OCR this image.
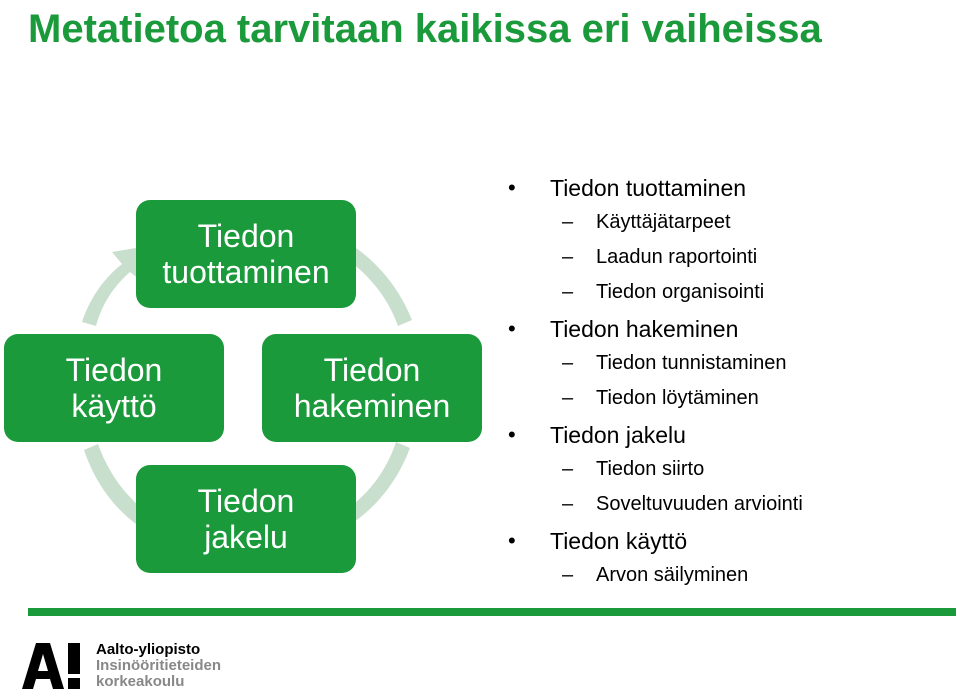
Metatietoa tarvitaan kaikissa eri vaiheissa
Tiedon
tuottaminen
Tiedon
hakeminen
Tiedon
jakelu
Tiedon
käyttö
• Tiedon tuottaminen
– Käyttäjätarpeet
– Laadun raportointi
– Tiedon organisointi
• Tiedon hakeminen
– Tiedon tunnistaminen
– Tiedon löytäminen
• Tiedon jakelu
– Tiedon siirto
– Soveltuvuuden arviointi
• Tiedon käyttö
– Arvon säilyminen
Aalto-yliopisto
Insinööritieteiden
korkeakoulu
